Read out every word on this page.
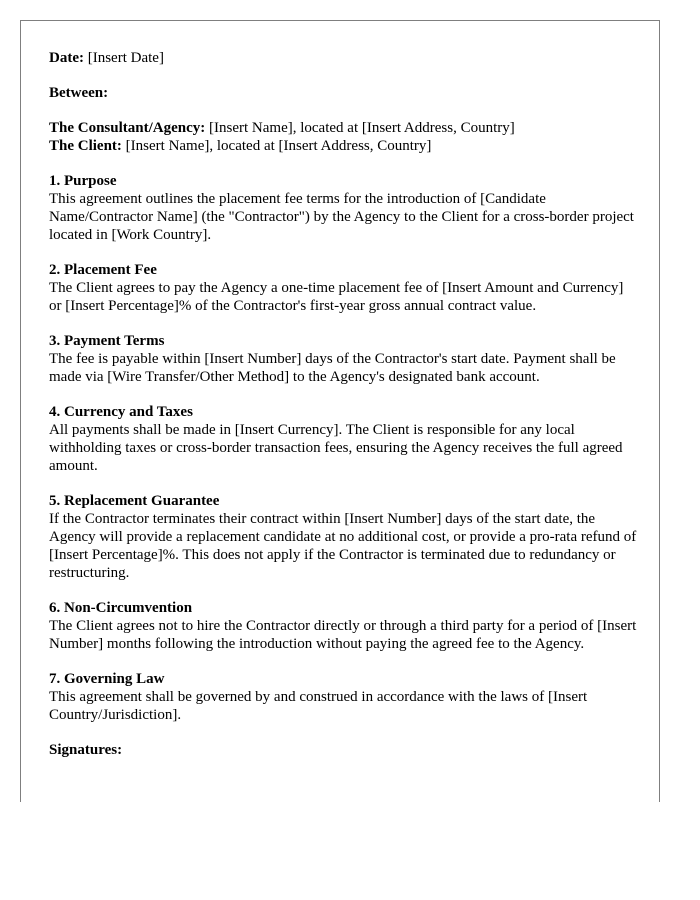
Date: [Insert Date]

Between:

The Consultant/Agency: [Insert Name], located at [Insert Address, Country]

The Client: [Insert Name], located at [Insert Address, Country]

1. Purpose

This agreement outlines the placement fee terms for the introduction of [Candidate Name/Contractor Name] (the "Contractor") by the Agency to the Client for a cross-border project located in [Work Country].

2. Placement Fee

The Client agrees to pay the Agency a one-time placement fee of [Insert Amount and Currency] or [Insert Percentage]% of the Contractor's first-year gross annual contract value.

3. Payment Terms

The fee is payable within [Insert Number] days of the Contractor's start date. Payment shall be made via [Wire Transfer/Other Method] to the Agency's designated bank account.

4. Currency and Taxes

All payments shall be made in [Insert Currency]. The Client is responsible for any local withholding taxes or cross-border transaction fees, ensuring the Agency receives the full agreed amount.

5. Replacement Guarantee

If the Contractor terminates their contract within [Insert Number] days of the start date, the Agency will provide a replacement candidate at no additional cost, or provide a pro-rata refund of [Insert Percentage]%. This does not apply if the Contractor is terminated due to redundancy or restructuring.

6. Non-Circumvention

The Client agrees not to hire the Contractor directly or through a third party for a period of [Insert Number] months following the introduction without paying the agreed fee to the Agency.

7. Governing Law

This agreement shall be governed by and construed in accordance with the laws of [Insert Country/Jurisdiction].

Signatures:
